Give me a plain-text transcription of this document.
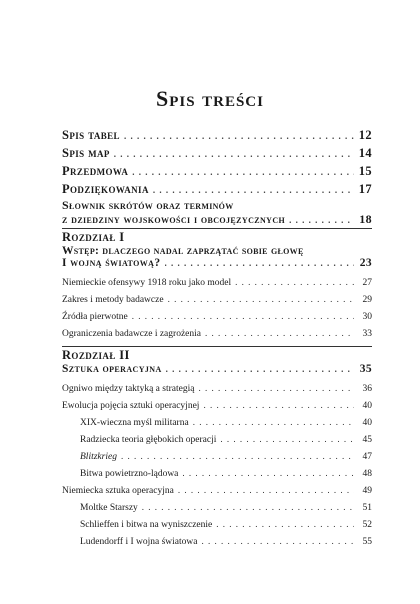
Spis treści
Spis tabel . . .	12
Spis map . . .	14
Przedmowa . . .	15
Podziękowania . . .	17
Słownik skrótów oraz terminów
z dziedziny wojskowości i obcojęzycznych . . .	18
Rozdział I
Wstęp: dlaczego nadal zaprzątać sobie głowę
I wojną światową? . . .	23
Niemieckie ofensywy 1918 roku jako model . . .	27
Zakres i metody badawcze . . .	29
Źródła pierwotne . . .	30
Ograniczenia badawcze i zagrożenia . . .	33
Rozdział II
Sztuka operacyjna . . .	35
Ogniwo między taktyką a strategią . . .	36
Ewolucja pojęcia sztuki operacyjnej . . .	40
XIX-wieczna myśl militarna . . .	40
Radziecka teoria głębokich operacji . . .	45
Blitzkrieg . . .	47
Bitwa powietrzno-lądowa . . .	48
Niemiecka sztuka operacyjna . . .	49
Moltke Starszy . . .	51
Schlieffen i bitwa na wyniszczenie . . .	52
Ludendorff i I wojna światowa . . .	55
